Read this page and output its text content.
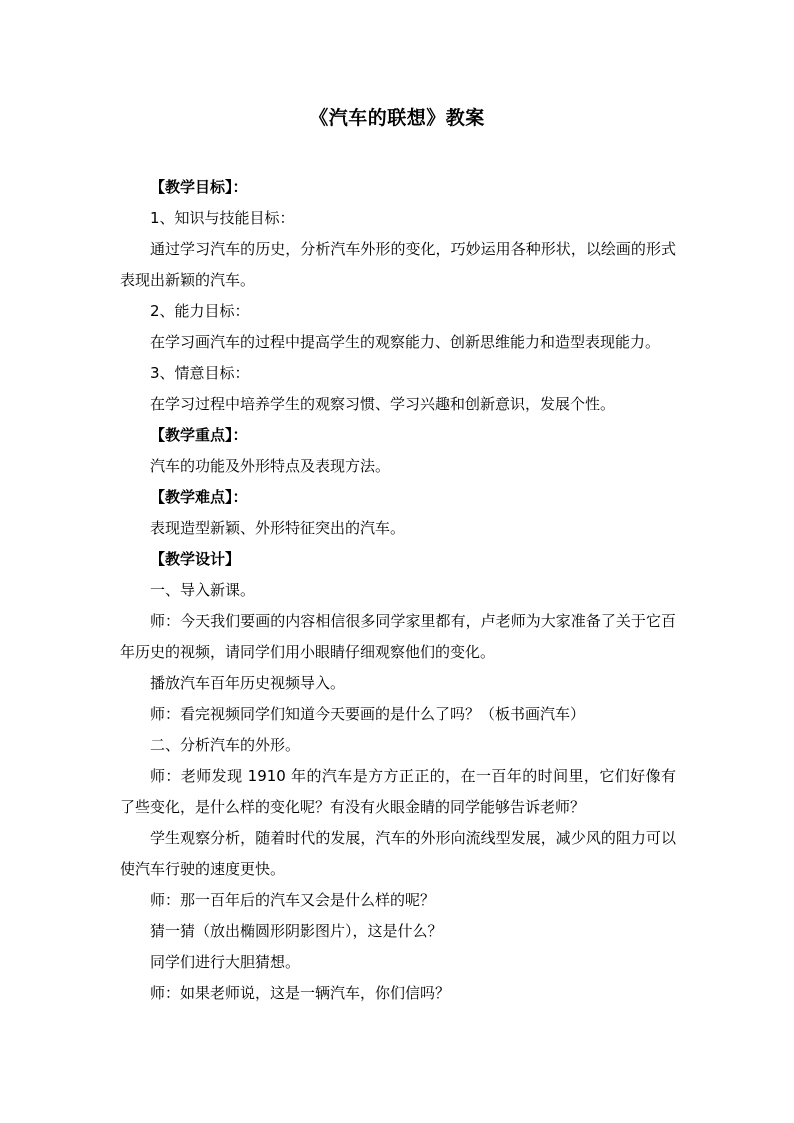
《汽车的联想》教案

【教学目标】：

1、知识与技能目标：

通过学习汽车的历史，分析汽车外形的变化，巧妙运用各种形状，以绘画的形式表现出新颖的汽车。

2、能力目标：

在学习画汽车的过程中提高学生的观察能力、创新思维能力和造型表现能力。

3、情意目标：

在学习过程中培养学生的观察习惯、学习兴趣和创新意识，发展个性。

【教学重点】：

汽车的功能及外形特点及表现方法。

【教学难点】：

表现造型新颖、外形特征突出的汽车。

【教学设计】

一、导入新课。

师：今天我们要画的内容相信很多同学家里都有，卢老师为大家准备了关于它百年历史的视频，请同学们用小眼睛仔细观察他们的变化。

播放汽车百年历史视频导入。

师：看完视频同学们知道今天要画的是什么了吗？（板书画汽车）

二、分析汽车的外形。

师：老师发现 1910 年的汽车是方方正正的，在一百年的时间里，它们好像有了些变化，是什么样的变化呢？有没有火眼金睛的同学能够告诉老师？

学生观察分析，随着时代的发展，汽车的外形向流线型发展，减少风的阻力可以使汽车行驶的速度更快。

师：那一百年后的汽车又会是什么样的呢？

猜一猜（放出椭圆形阴影图片），这是什么？

同学们进行大胆猜想。

师：如果老师说，这是一辆汽车，你们信吗？
